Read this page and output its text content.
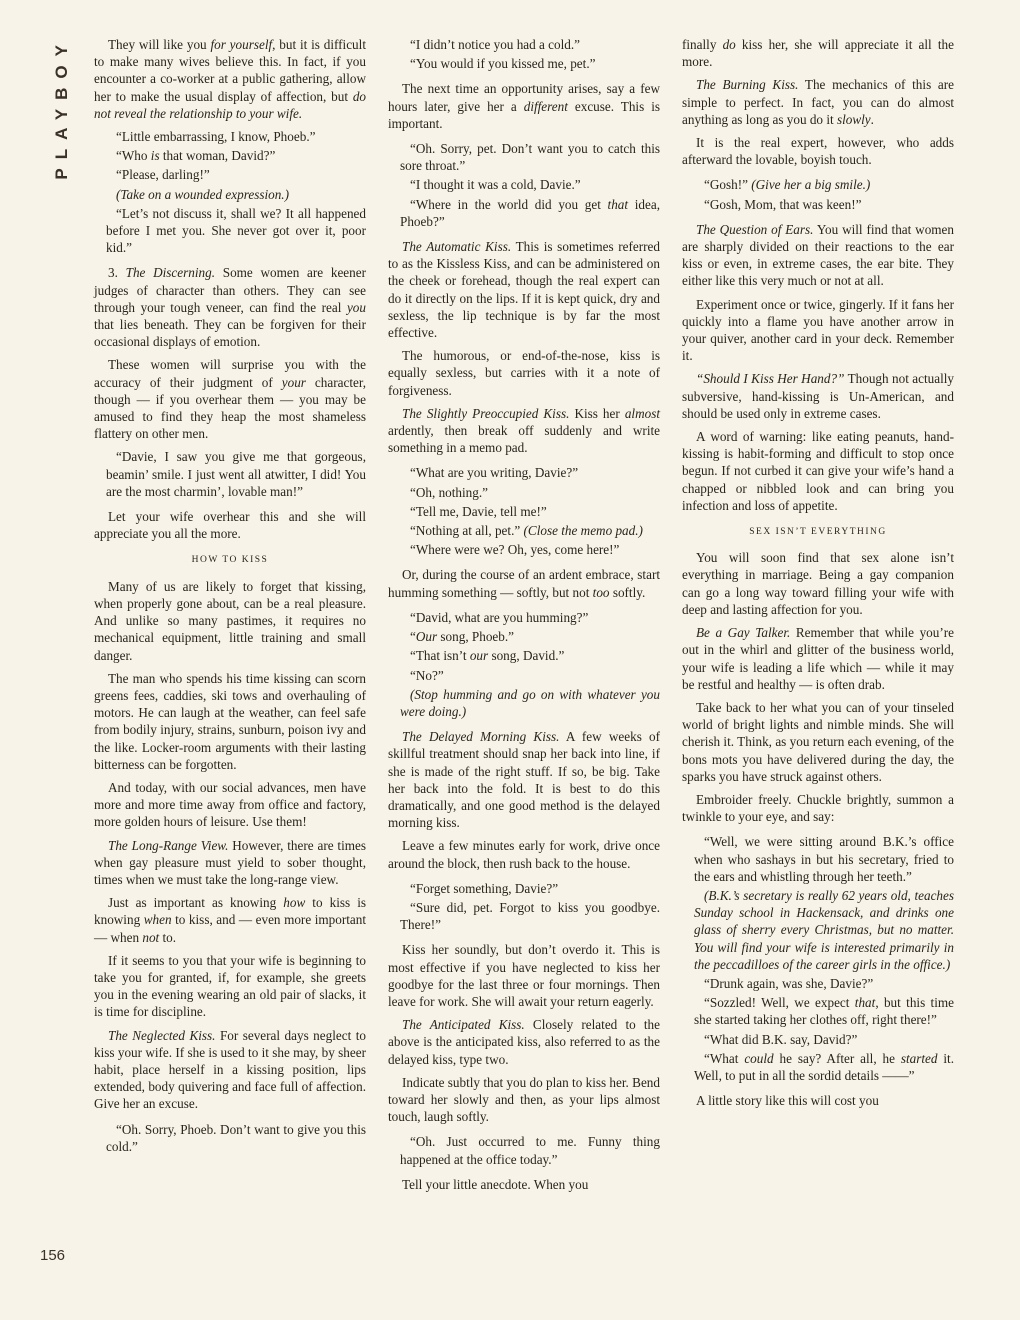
PLAYBOY
156

They will like you for yourself, but it is difficult to make many wives believe this. In fact, if you encounter a co-worker at a public gathering, allow her to make the usual display of affection, but do not reveal the relationship to your wife.

“Little embarrassing, I know, Phoeb.”

“Who is that woman, David?”

“Please, darling!”

(Take on a wounded expression.)

“Let’s not discuss it, shall we? It all happened before I met you. She never got over it, poor kid.”

3. The Discerning. Some women are keener judges of character than others. They can see through your tough veneer, can find the real you that lies beneath. They can be forgiven for their occasional displays of emotion.

These women will surprise you with the accuracy of their judgment of your character, though — if you overhear them — you may be amused to find they heap the most shameless flattery on other men.

“Davie, I saw you give me that gorgeous, beamin’ smile. I just went all atwitter, I did! You are the most charmin’, lovable man!”

Let your wife overhear this and she will appreciate you all the more.

HOW TO KISS

Many of us are likely to forget that kissing, when properly gone about, can be a real pleasure. And unlike so many pastimes, it requires no mechanical equipment, little training and small danger.

The man who spends his time kissing can scorn greens fees, caddies, ski tows and overhauling of motors. He can laugh at the weather, can feel safe from bodily injury, strains, sunburn, poison ivy and the like. Locker-room arguments with their lasting bitterness can be forgotten.

And today, with our social advances, men have more and more time away from office and factory, more golden hours of leisure. Use them!

The Long-Range View. However, there are times when gay pleasure must yield to sober thought, times when we must take the long-range view.

Just as important as knowing how to kiss is knowing when to kiss, and — even more important — when not to.

If it seems to you that your wife is beginning to take you for granted, if, for example, she greets you in the evening wearing an old pair of slacks, it is time for discipline.

The Neglected Kiss. For several days neglect to kiss your wife. If she is used to it she may, by sheer habit, place herself in a kissing position, lips extended, body quivering and face full of affection. Give her an excuse.

“Oh. Sorry, Phoeb. Don’t want to give you this cold.”

“I didn’t notice you had a cold.”

“You would if you kissed me, pet.”

The next time an opportunity arises, say a few hours later, give her a different excuse. This is important.

“Oh. Sorry, pet. Don’t want you to catch this sore throat.”

“I thought it was a cold, Davie.”

“Where in the world did you get that idea, Phoeb?”

The Automatic Kiss. This is sometimes referred to as the Kissless Kiss, and can be administered on the cheek or forehead, though the real expert can do it directly on the lips. If it is kept quick, dry and sexless, the lip technique is by far the most effective.

The humorous, or end-of-the-nose, kiss is equally sexless, but carries with it a note of forgiveness.

The Slightly Preoccupied Kiss. Kiss her almost ardently, then break off suddenly and write something in a memo pad.

“What are you writing, Davie?”

“Oh, nothing.”

“Tell me, Davie, tell me!”

“Nothing at all, pet.” (Close the memo pad.)

“Where were we? Oh, yes, come here!”

Or, during the course of an ardent embrace, start humming something — softly, but not too softly.

“David, what are you humming?”

“Our song, Phoeb.”

“That isn’t our song, David.”

“No?”

(Stop humming and go on with whatever you were doing.)

The Delayed Morning Kiss. A few weeks of skillful treatment should snap her back into line, if she is made of the right stuff. If so, be big. Take her back into the fold. It is best to do this dramatically, and one good method is the delayed morning kiss.

Leave a few minutes early for work, drive once around the block, then rush back to the house.

“Forget something, Davie?”

“Sure did, pet. Forgot to kiss you goodbye. There!”

Kiss her soundly, but don’t overdo it. This is most effective if you have neglected to kiss her goodbye for the last three or four mornings. Then leave for work. She will await your return eagerly.

The Anticipated Kiss. Closely related to the above is the anticipated kiss, also referred to as the delayed kiss, type two.

Indicate subtly that you do plan to kiss her. Bend toward her slowly and then, as your lips almost touch, laugh softly.

“Oh. Just occurred to me. Funny thing happened at the office today.”

Tell your little anecdote. When you

finally do kiss her, she will appreciate it all the more.

The Burning Kiss. The mechanics of this are simple to perfect. In fact, you can do almost anything as long as you do it slowly.

It is the real expert, however, who adds afterward the lovable, boyish touch.

“Gosh!” (Give her a big smile.)

“Gosh, Mom, that was keen!”

The Question of Ears. You will find that women are sharply divided on their reactions to the ear kiss or even, in extreme cases, the ear bite. They either like this very much or not at all.

Experiment once or twice, gingerly. If it fans her quickly into a flame you have another arrow in your quiver, another card in your deck. Remember it.

“Should I Kiss Her Hand?” Though not actually subversive, hand-kissing is Un-American, and should be used only in extreme cases.

A word of warning: like eating peanuts, hand-kissing is habit-forming and difficult to stop once begun. If not curbed it can give your wife’s hand a chapped or nibbled look and can bring you infection and loss of appetite.

SEX ISN’T EVERYTHING

You will soon find that sex alone isn’t everything in marriage. Being a gay companion can go a long way toward filling your wife with deep and lasting affection for you.

Be a Gay Talker. Remember that while you’re out in the whirl and glitter of the business world, your wife is leading a life which — while it may be restful and healthy — is often drab.

Take back to her what you can of your tinseled world of bright lights and nimble minds. She will cherish it. Think, as you return each evening, of the bons mots you have delivered during the day, the sparks you have struck against others.

Embroider freely. Chuckle brightly, summon a twinkle to your eye, and say:

“Well, we were sitting around B.K.’s office when who sashays in but his secretary, fried to the ears and whistling through her teeth.”

(B.K.’s secretary is really 62 years old, teaches Sunday school in Hackensack, and drinks one glass of sherry every Christmas, but no matter. You will find your wife is interested primarily in the peccadilloes of the career girls in the office.)

“Drunk again, was she, Davie?”

“Sozzled! Well, we expect that, but this time she started taking her clothes off, right there!”

“What did B.K. say, David?”

“What could he say? After all, he started it. Well, to put in all the sordid details ——”

A little story like this will cost you
